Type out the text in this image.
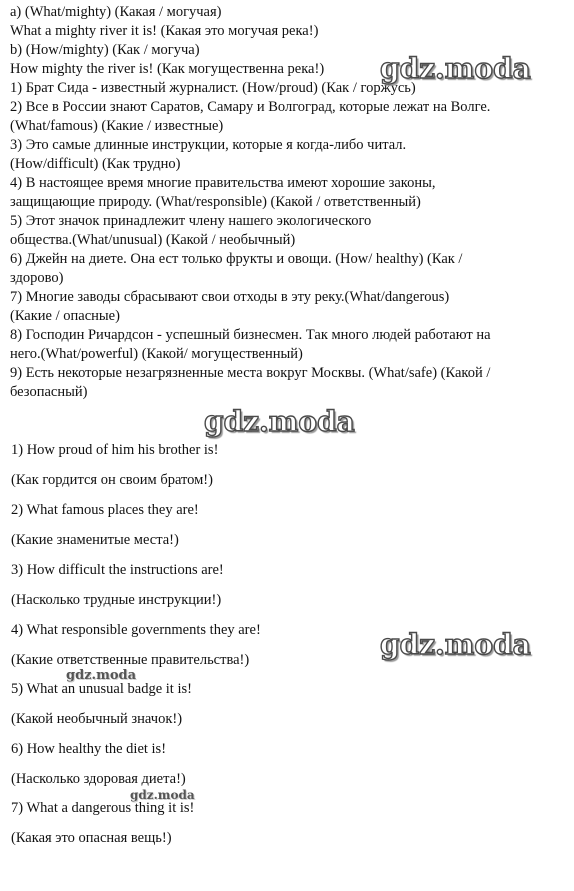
a) (What/mighty) (Какая / могучая)
What a mighty river it is! (Какая это могучая река!)
b) (How/mighty) (Как / могуча)
How mighty the river is! (Как могущественна река!)
1) Брат Сида - известный журналист. (How/proud) (Как / горжусь)
2) Все в России знают Саратов, Самару и Волгоград, которые лежат на Волге.
(What/famous) (Какие / известные)
3) Это самые длинные инструкции, которые я когда-либо читал.
(How/difficult) (Как трудно)
4) В настоящее время многие правительства имеют хорошие законы,
защищающие природу. (What/responsible) (Какой / ответственный)
5) Этот значок принадлежит члену нашего экологического
общества.(What/unusual) (Какой / необычный)
6) Джейн на диете. Она ест только фрукты и овощи. (How/ healthy) (Как /
здорово)
7) Многие заводы сбрасывают свои отходы в эту реку.(What/dangerous)
(Какие / опасные)
8) Господин Ричардсон - успешный бизнесмен. Так много людей работают на
него.(What/powerful) (Какой/ могущественный)
9) Есть некоторые незагрязненные места вокруг Москвы. (What/safe) (Какой /
безопасный)
1) How proud of him his brother is!
(Как гордится он своим братом!)
2) What famous places they are!
(Какие знаменитые места!)
3) How difficult the instructions are!
(Насколько трудные инструкции!)
4) What responsible governments they are!
(Какие ответственные правительства!)
5) What an unusual badge it is!
(Какой необычный значок!)
6) How healthy the diet is!
(Насколько здоровая диета!)
7) What a dangerous thing it is!
(Какая это опасная вещь!)
gdz.moda
gdz.moda
gdz.moda
gdz.moda
gdz.moda
